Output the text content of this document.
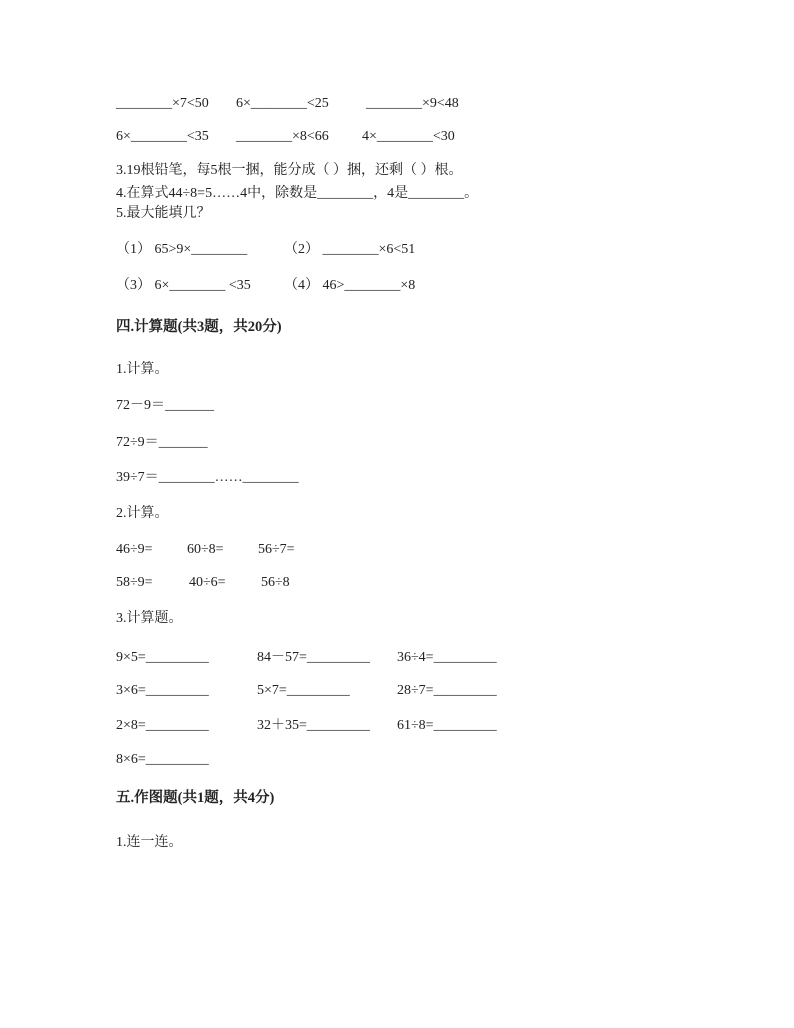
________×7<50 6×________<25	________×9<48
6×________<35 ________×8<66 4×________<30
3.19根铅笔，每5根一捆，能分成（ ）捆，还剩（ ）根。
4.在算式44÷8=5……4中，除数是________，4是________。
5.最大能填几？
（1） 65>9×________	（2） ________×6<51
（3） 6×________ <35 （4） 46>________×8
四.计算题(共3题，共20分)
1.计算。
72－9＝_______
72÷9＝_______
39÷7＝________……________
2.计算。
46÷9= 60÷8= 56÷7=
58÷9=	40÷6=	56÷8
3.计算题。
9×5=_________	84－57=_________ 36÷4=_________
3×6=_________	5×7=_________	28÷7=_________
2×8=_________	32＋35=_________ 61÷8=_________
8×6=_________
五.作图题(共1题，共4分)
1.连一连。
